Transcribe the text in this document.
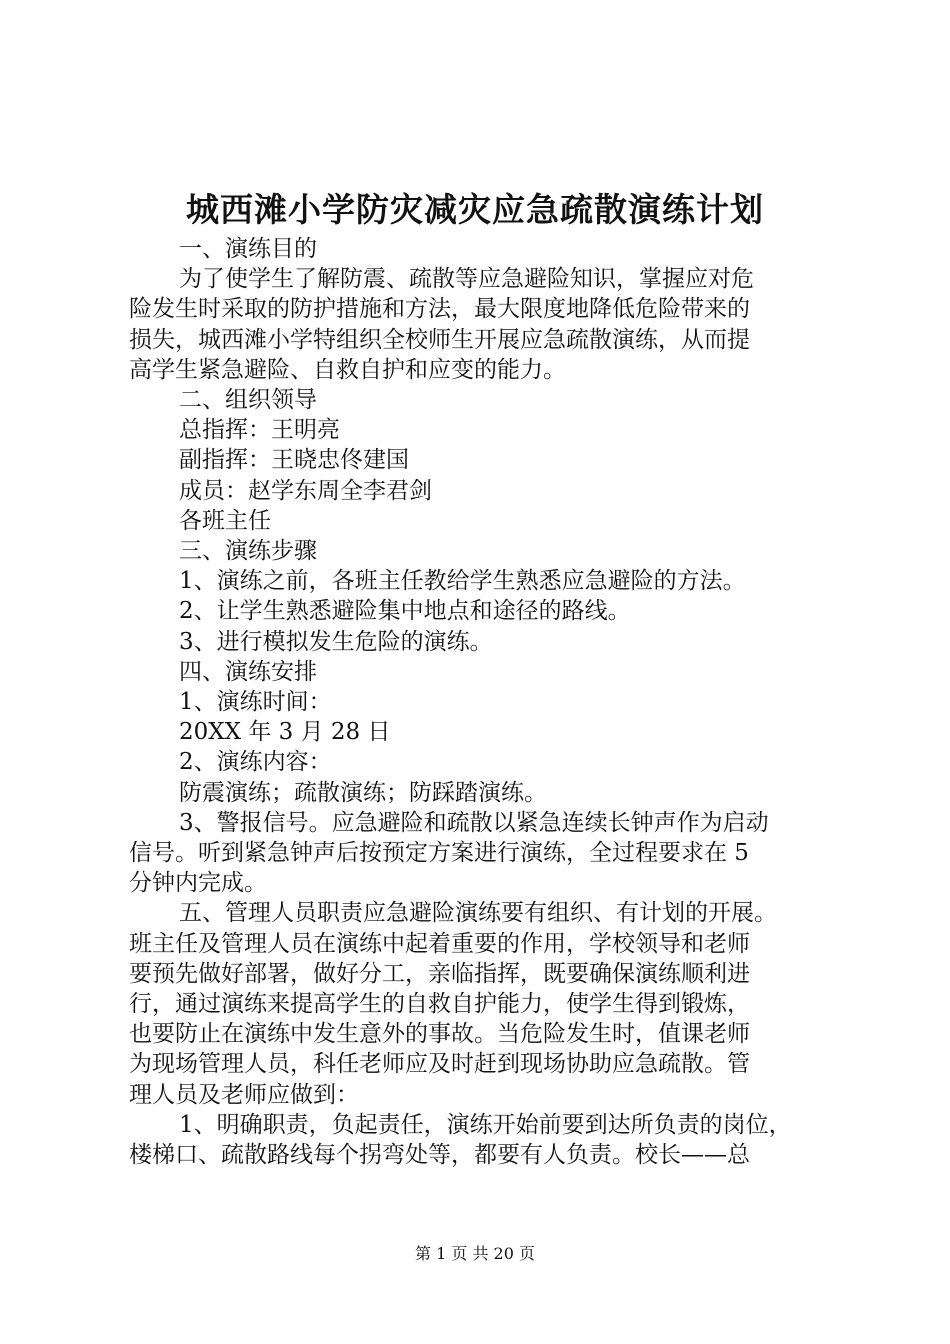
城西滩小学防灾减灾应急疏散演练计划
一、演练目的
为了使学生了解防震、疏散等应急避险知识，掌握应对危
险发生时采取的防护措施和方法，最大限度地降低危险带来的
损失，城西滩小学特组织全校师生开展应急疏散演练，从而提
高学生紧急避险、自救自护和应变的能力。
二、组织领导
总指挥：王明亮
副指挥：王晓忠佟建国
成员：赵学东周全李君剑
各班主任
三、演练步骤
1、演练之前，各班主任教给学生熟悉应急避险的方法。
2、让学生熟悉避险集中地点和途径的路线。
3、进行模拟发生危险的演练。
四、演练安排
1、演练时间：
20XX 年 3 月 28 日
2、演练内容：
防震演练；疏散演练；防踩踏演练。
3、警报信号。应急避险和疏散以紧急连续长钟声作为启动
信号。听到紧急钟声后按预定方案进行演练，全过程要求在 5
分钟内完成。
五、管理人员职责应急避险演练要有组织、有计划的开展。
班主任及管理人员在演练中起着重要的作用，学校领导和老师
要预先做好部署，做好分工，亲临指挥，既要确保演练顺利进
行，通过演练来提高学生的自救自护能力，使学生得到锻炼，
也要防止在演练中发生意外的事故。当危险发生时，值课老师
为现场管理人员，科任老师应及时赶到现场协助应急疏散。管
理人员及老师应做到：
1、明确职责，负起责任，演练开始前要到达所负责的岗位，
楼梯口、疏散路线每个拐弯处等，都要有人负责。校长——总
第 1 页 共 20 页
